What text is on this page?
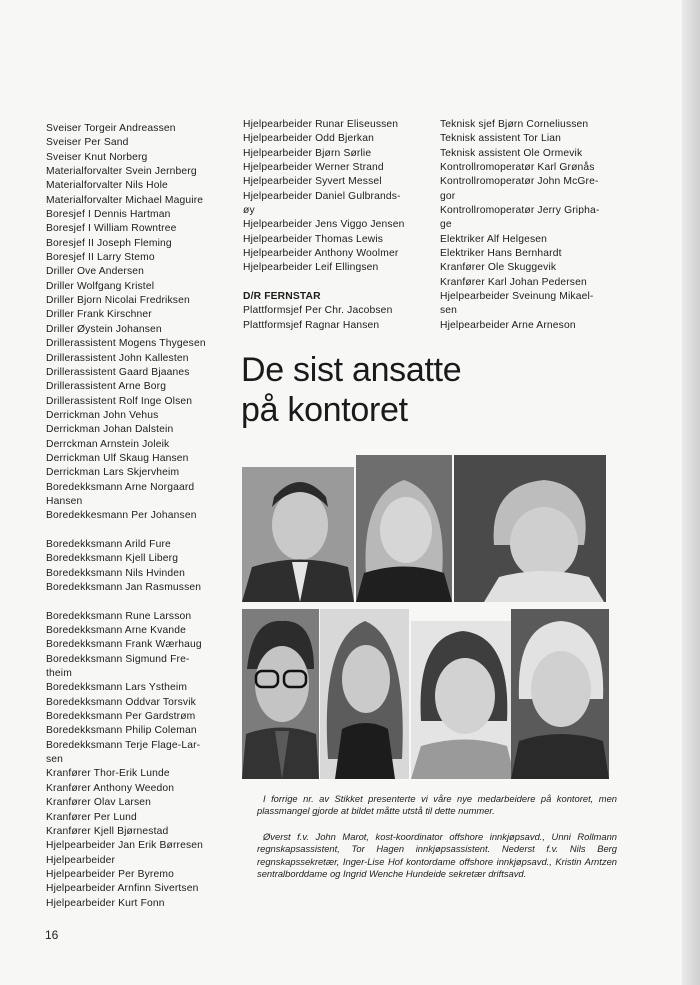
Sveiser Torgeir Andreassen
Sveiser Per Sand
Sveiser Knut Norberg
Materialforvalter Svein Jernberg
Materialforvalter Nils Hole
Materialforvalter Michael Maguire
Boresjef I Dennis Hartman
Boresjef I William Rowntree
Boresjef II Joseph Fleming
Boresjef II Larry Stemo
Driller Ove Andersen
Driller Wolfgang Kristel
Driller Bjorn Nicolai Fredriksen
Driller Frank Kirschner
Driller Øystein Johansen
Drillerassistent Mogens Thygesen
Drillerassistent John Kallesten
Drillerassistent Gaard Bjaanes
Drillerassistent Arne Borg
Drillerassistent Rolf Inge Olsen
Derrickman John Vehus
Derrickman Johan Dalstein
Derrckman Arnstein Joleik
Derrickman Ulf Skaug Hansen
Derrickman Lars Skjervheim
Boredekksmann Arne Norgaard
Hansen
Boredekkesmann Per Johansen
Boredekksmann Arild Fure
Boredekksmann Kjell Liberg
Boredekksmann Nils Hvinden
Boredekksmann Jan Rasmussen
Boredekksmann Rune Larsson
Boredekksmann Arne Kvande
Boredekksmann Frank Wærhaug
Boredekksmann Sigmund Fre-
theim
Boredekksmann Lars Ystheim
Boredekksmann Oddvar Torsvik
Boredekksmann Per Gardstrøm
Boredekksmann Philip Coleman
Boredekksmann Terje Flage-Lar-
sen
Kranfører Thor-Erik Lunde
Kranfører Anthony Weedon
Kranfører Olav Larsen
Kranfører Per Lund
Kranfører Kjell Bjørnestad
Hjelpearbeider Jan Erik Børresen
Hjelpearbeider
Hjelpearbeider Per Byremo
Hjelpearbeider Arnfinn Sivertsen
Hjelpearbeider Kurt Fonn
Hjelpearbeider Runar Eliseussen
Hjelpearbeider Odd Bjerkan
Hjelpearbeider Bjørn Sørlie
Hjelpearbeider Werner Strand
Hjelpearbeider Syvert Messel
Hjelpearbeider Daniel Gulbrands-
øy
Hjelpearbeider Jens Viggo Jensen
Hjelpearbeider Thomas Lewis
Hjelpearbeider Anthony Woolmer
Hjelpearbeider Leif Ellingsen
D/R FERNSTAR
Plattformsjef Per Chr. Jacobsen
Plattformsjef Ragnar Hansen
Teknisk sjef Bjørn Corneliussen
Teknisk assistent Tor Lian
Teknisk assistent Ole Ormevik
Kontrollromoperatør Karl Grønås
Kontrollromoperatør John McGre-
gor
Kontrollromoperatør Jerry Gripha-
ge
Elektriker Alf Helgesen
Elektriker Hans Bernhardt
Kranfører Ole Skuggevik
Kranfører Karl Johan Pedersen
Hjelpearbeider Sveinung Mikael-
sen
Hjelpearbeider Arne Arneson
De sist ansatte
på kontoret

I forrige nr. av Stikket presenterte vi våre nye medarbeidere på kontoret, men plassmangel gjorde at bildet måtte utstå til dette nummer.

Øverst f.v. John Marot, kost-koordinator offshore innkjøpsavd., Unni Rollmann regnskapsassistent, Tor Hagen innkjøpsassistent. Nederst f.v. Nils Berg regnskapssekretær, Inger-Lise Hof kontordame offshore innkjøpsavd., Kristin Arntzen sentralborddame og Ingrid Wenche Hundeide sekretær driftsavd.

16
